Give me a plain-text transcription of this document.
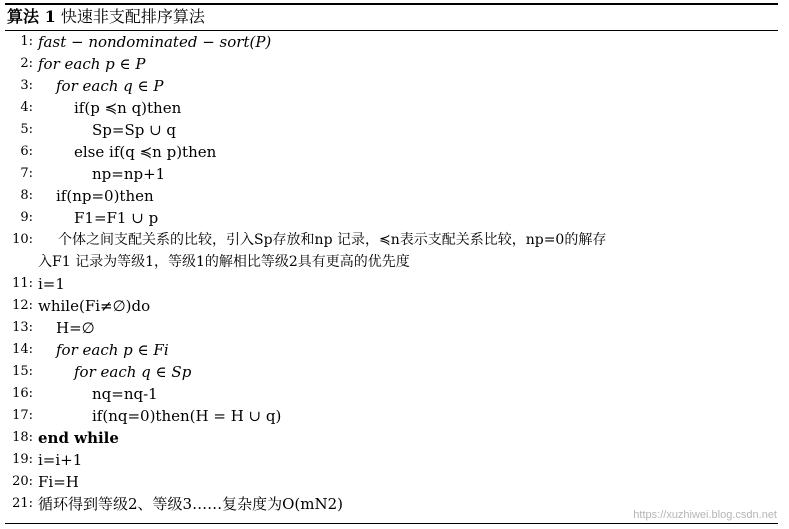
算法 1 快速非支配排序算法
1: fast − nondominated − sort(P)
2: for each p ∈ P
3: for each q ∈ P
4:	if(p ≼n q)then
5:	Sp=Sp ∪ q
6:	else if(q ≼n p)then
7:	np=np+1
8: if(np=0)then
9:	F1=F1 ∪ p
10: 个体之间支配关系的比较，引入Sp存放和np 记录，≼n表示支配关系比较，np=0的解存
入F1 记录为等级1，等级1的解相比等级2具有更高的优先度
11: i=1
12: while(Fi≠∅)do
13: H=∅
14: for each p ∈ Fi
15:	for each q ∈ Sp
16:	nq=nq-1
17:	if(nq=0)then(H = H ∪ q)
18: end while
19: i=i+1
20: Fi=H
21: 循环得到等级2、等级3……复杂度为O(mN2)
https://xuzhiwei.blog.csdn.net
